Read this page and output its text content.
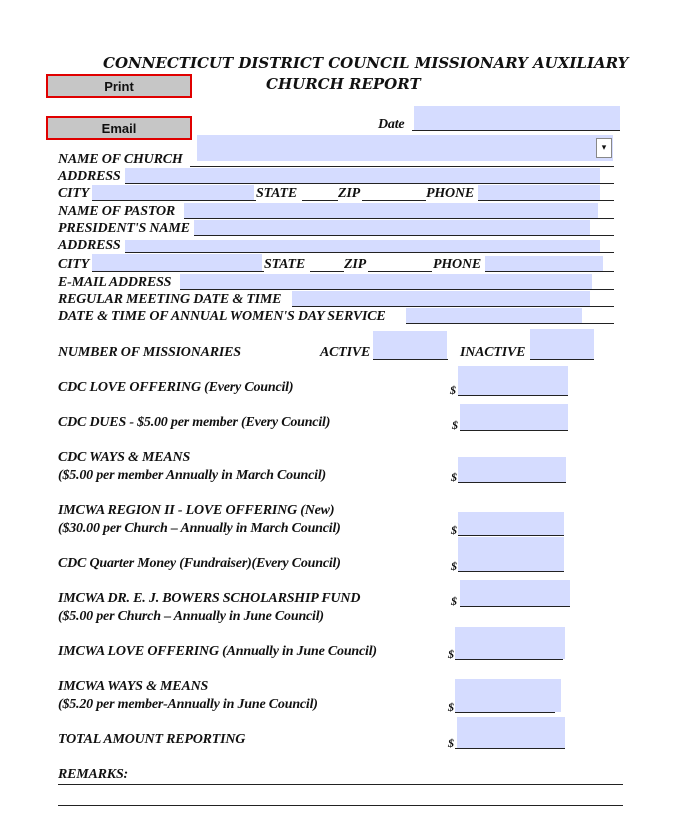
CONNECTICUT DISTRICT COUNCIL MISSIONARY AUXILIARY
CHURCH REPORT
Print
Email	Date
NAME OF CHURCH
▾
ADDRESS
CITY	STATE	ZIP	PHONE
NAME OF PASTOR
PRESIDENT'S NAME
ADDRESS
CITY	STATE	ZIP	PHONE
E-MAIL ADDRESS
REGULAR MEETING DATE & TIME
DATE & TIME OF ANNUAL WOMEN'S DAY SERVICE
NUMBER OF MISSIONARIES	ACTIVE	INACTIVE
CDC LOVE OFFERING (Every Council)	$
CDC DUES - $5.00 per member (Every Council)	$
CDC WAYS & MEANS
($5.00 per member Annually in March Council)	$
IMCWA REGION II - LOVE OFFERING (New)
($30.00 per Church – Annually in March Council)	$
CDC Quarter Money (Fundraiser)(Every Council)	$
IMCWA DR. E. J. BOWERS SCHOLARSHIP FUND
($5.00 per Church – Annually in June Council)
$
IMCWA LOVE OFFERING (Annually in June Council)	$
IMCWA WAYS & MEANS
($5.20 per member-Annually in June Council)	$
TOTAL AMOUNT REPORTING	$
REMARKS:
